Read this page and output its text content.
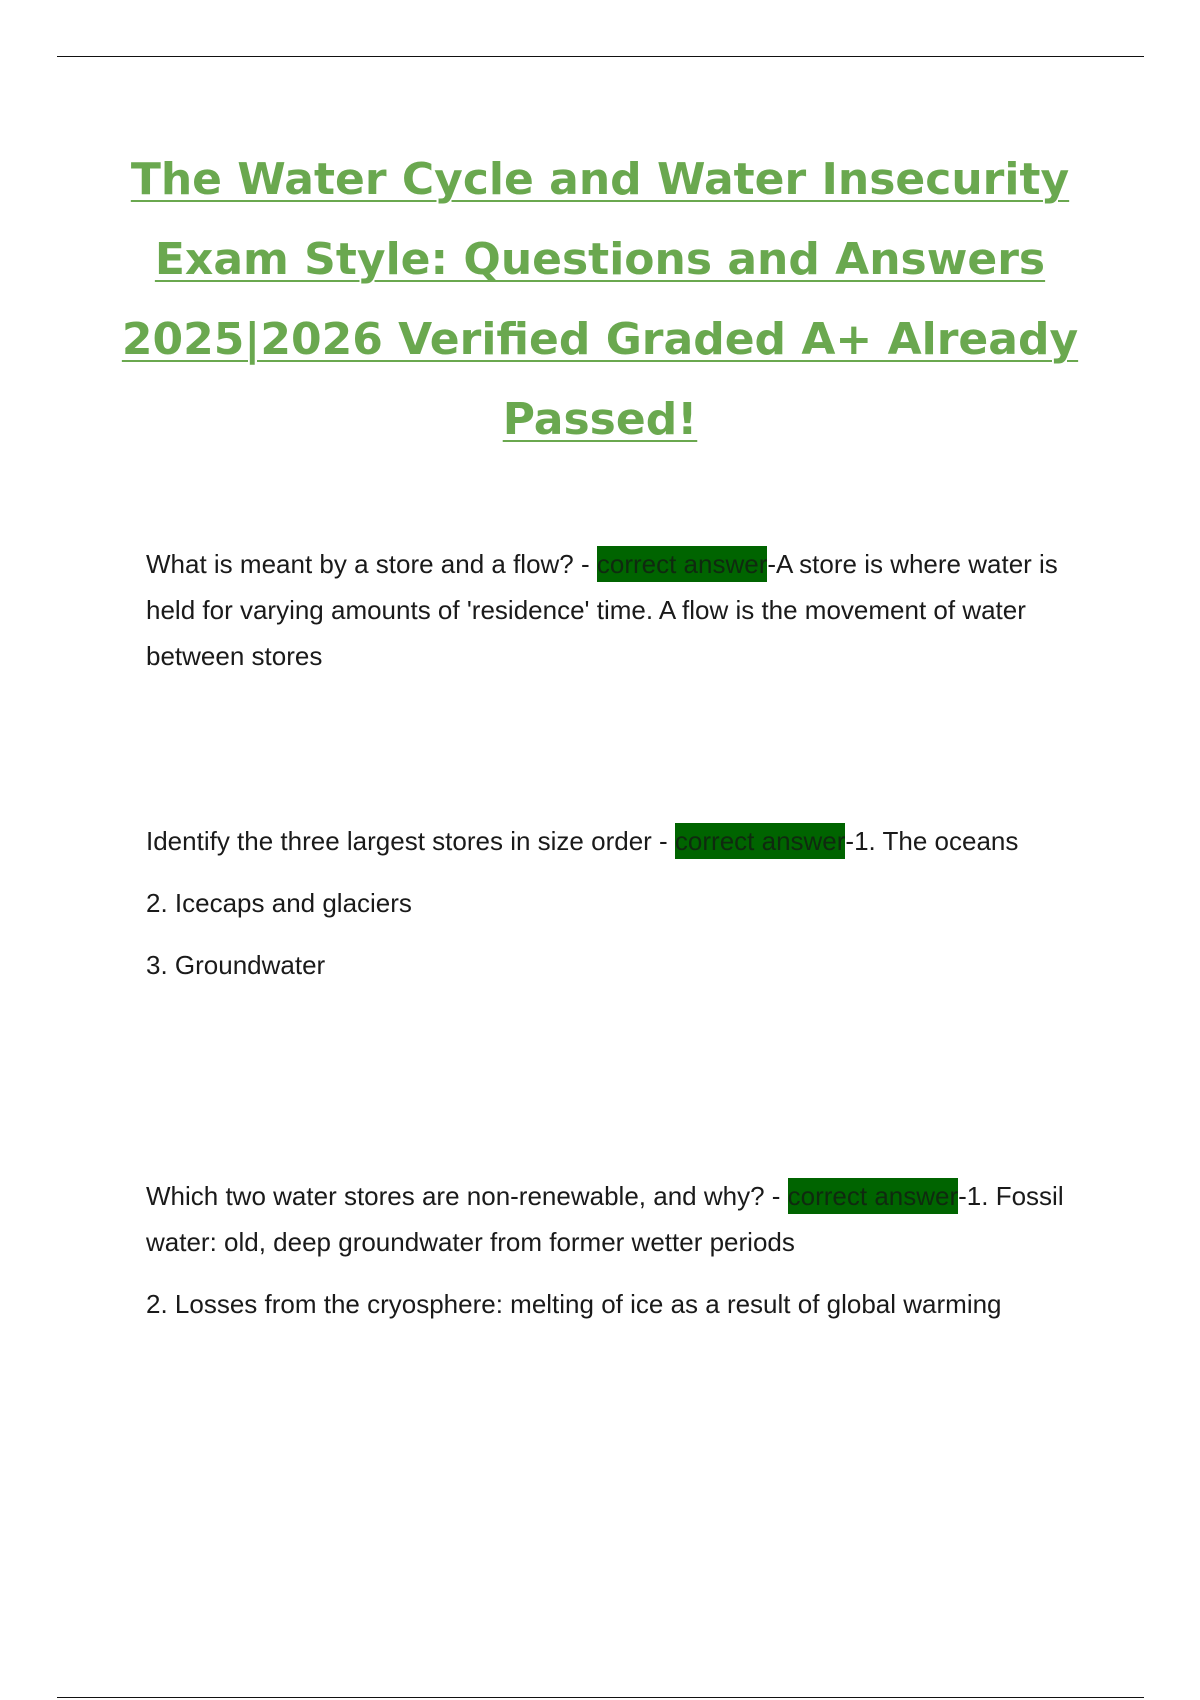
The Water Cycle and Water Insecurity
Exam Style: Questions and Answers
2025|2026 Verified Graded A+ Already
Passed!

What is meant by a store and a flow? - correct answer-A store is where water is held for varying amounts of 'residence' time. A flow is the movement of water between stores

Identify the three largest stores in size order - correct answer-1. The oceans

2. Icecaps and glaciers

3. Groundwater

Which two water stores are non-renewable, and why? - correct answer-1. Fossil water: old, deep groundwater from former wetter periods

2. Losses from the cryosphere: melting of ice as a result of global warming
